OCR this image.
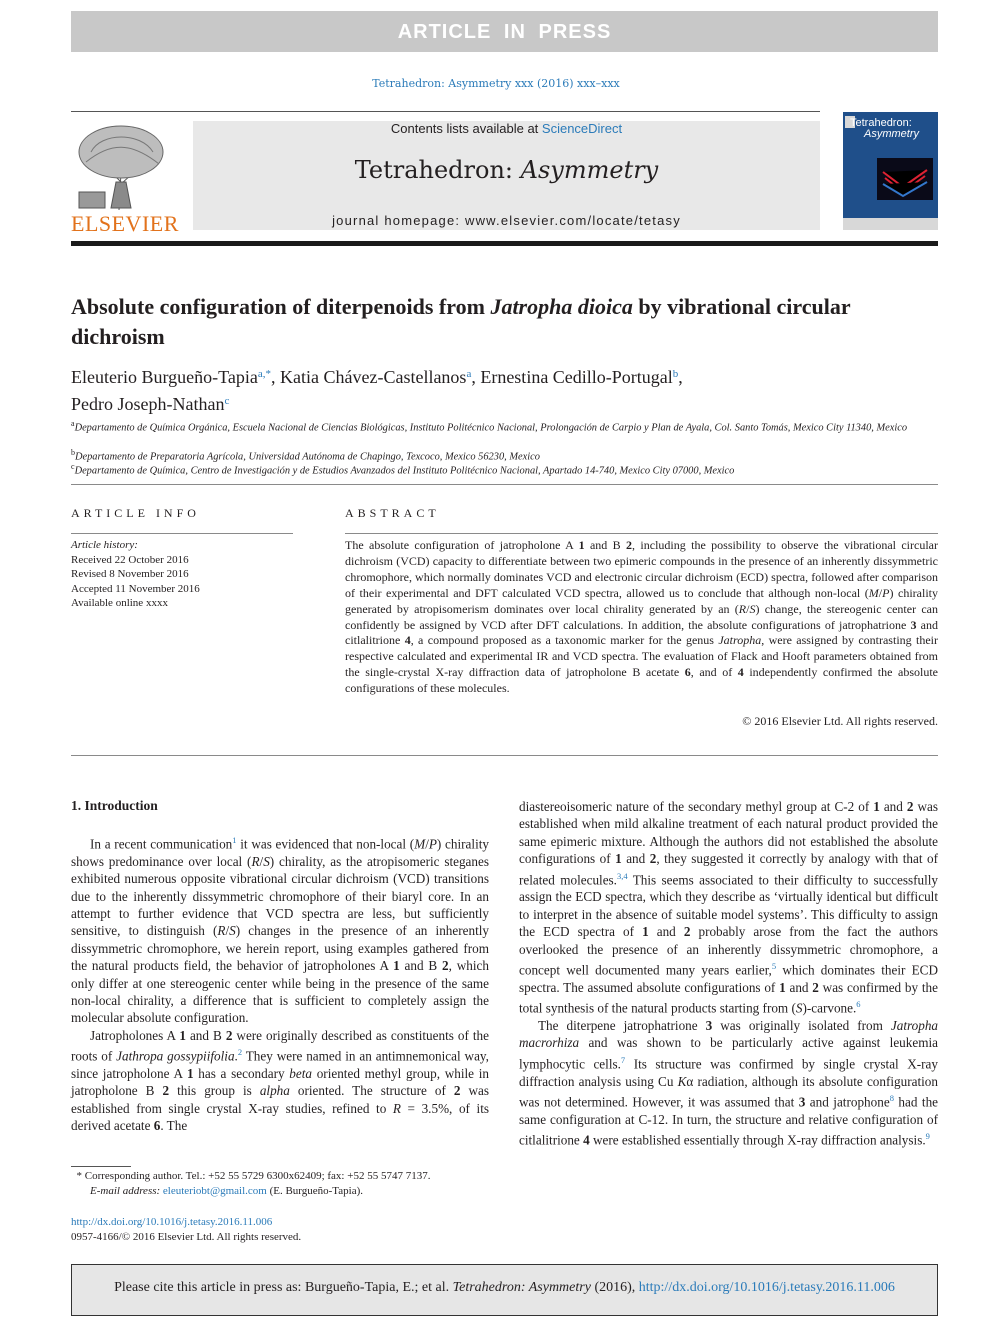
ARTICLE IN PRESS
Tetrahedron: Asymmetry xxx (2016) xxx–xxx
ELSEVIER
Contents lists available at ScienceDirect
Tetrahedron: Asymmetry
journal homepage: www.elsevier.com/locate/tetasy
Tetrahedron:
Asymmetry
Absolute configuration of diterpenoids from Jatropha dioica by vibrational circular dichroism
Eleuterio Burgueño-Tapia$^{a,*}$, Katia Chávez-Castellanos$^a$, Ernestina Cedillo-Portugal$^b$,
Pedro Joseph-Nathan$^c$
$^a$Departamento de Química Orgánica, Escuela Nacional de Ciencias Biológicas, Instituto Politécnico Nacional, Prolongación de Carpio y Plan de Ayala, Col. Santo Tomás, Mexico City 11340, Mexico
$^b$Departamento de Preparatoria Agrícola, Universidad Autónoma de Chapingo, Texcoco, Mexico 56230, Mexico
$^c$Departamento de Química, Centro de Investigación y de Estudios Avanzados del Instituto Politécnico Nacional, Apartado 14-740, Mexico City 07000, Mexico
ARTICLE INFO
Article history:
Received 22 October 2016
Revised 8 November 2016
Accepted 11 November 2016
Available online xxxx
ABSTRACT
The absolute configuration of jatropholone A 1 and B 2, including the possibility to observe the vibrational circular dichroism (VCD) capacity to differentiate between two epimeric compounds in the presence of an inherently dissymmetric chromophore, which normally dominates VCD and electronic circular dichroism (ECD) spectra, followed after comparison of their experimental and DFT calculated VCD spectra, allowed us to conclude that although non-local (M/P) chirality generated by atropisomerism dominates over local chirality generated by an (R/S) change, the stereogenic center can confidently be assigned by VCD after DFT calculations. In addition, the absolute configurations of jatrophatrione 3 and citlalitrione 4, a compound proposed as a taxonomic marker for the genus Jatropha, were assigned by contrasting their respective calculated and experimental IR and VCD spectra. The evaluation of Flack and Hooft parameters obtained from the single-crystal X-ray diffraction data of jatropholone B acetate 6, and of 4 independently confirmed the absolute configurations of these molecules.
© 2016 Elsevier Ltd. All rights reserved.
1. Introduction

In a recent communication$^1$ it was evidenced that non-local (M/P) chirality shows predominance over local (R/S) chirality, as the atropisomeric steganes exhibited numerous opposite vibrational circular dichroism (VCD) transitions due to the inherently dissymmetric chromophore of their biaryl core. In an attempt to further evidence that VCD spectra are less, but sufficiently sensitive, to distinguish (R/S) changes in the presence of an inherently dissymmetric chromophore, we herein report, using examples gathered from the natural products field, the behavior of jatropholones A 1 and B 2, which only differ at one stereogenic center while being in the presence of the same non-local chirality, a difference that is sufficient to completely assign the molecular absolute configuration.

Jatropholones A 1 and B 2 were originally described as constituents of the roots of Jathropa gossypiifolia.$^2$ They were named in an antimnemonical way, since jatropholone A 1 has a secondary beta oriented methyl group, while in jatropholone B 2 this group is alpha oriented. The structure of 2 was established from single crystal X-ray studies, refined to R = 3.5%, of its derived acetate 6. The

diastereoisomeric nature of the secondary methyl group at C-2 of 1 and 2 was established when mild alkaline treatment of each natural product provided the same epimeric mixture. Although the authors did not established the absolute configurations of 1 and 2, they suggested it correctly by analogy with that of related molecules.$^{3,4}$ This seems associated to their difficulty to successfully assign the ECD spectra, which they describe as ‘virtually identical but difficult to interpret in the absence of suitable model systems’. This difficulty to assign the ECD spectra of 1 and 2 probably arose from the fact the authors overlooked the presence of an inherently dissymmetric chromophore, a concept well documented many years earlier,$^5$ which dominates their ECD spectra. The assumed absolute configurations of 1 and 2 was confirmed by the total synthesis of the natural products starting from (S)-carvone.$^6$

The diterpene jatrophatrione 3 was originally isolated from Jatropha macrorhiza and was shown to be particularly active against leukemia lymphocytic cells.$^7$ Its structure was confirmed by single crystal X-ray diffraction analysis using Cu Kα radiation, although its absolute configuration was not determined. However, it was assumed that 3 and jatrophone$^8$ had the same configuration at C-12. In turn, the structure and relative configuration of citlalitrione 4 were established essentially through X-ray diffraction analysis.$^9$

* Corresponding author. Tel.: +52 55 5729 6300x62409; fax: +52 55 5747 7137.
E-mail address: eleuteriobt@gmail.com (E. Burgueño-Tapia).
http://dx.doi.org/10.1016/j.tetasy.2016.11.006
0957-4166/© 2016 Elsevier Ltd. All rights reserved.
Please cite this article in press as: Burgueño-Tapia, E.; et al. Tetrahedron: Asymmetry (2016), http://dx.doi.org/10.1016/j.tetasy.2016.11.006
